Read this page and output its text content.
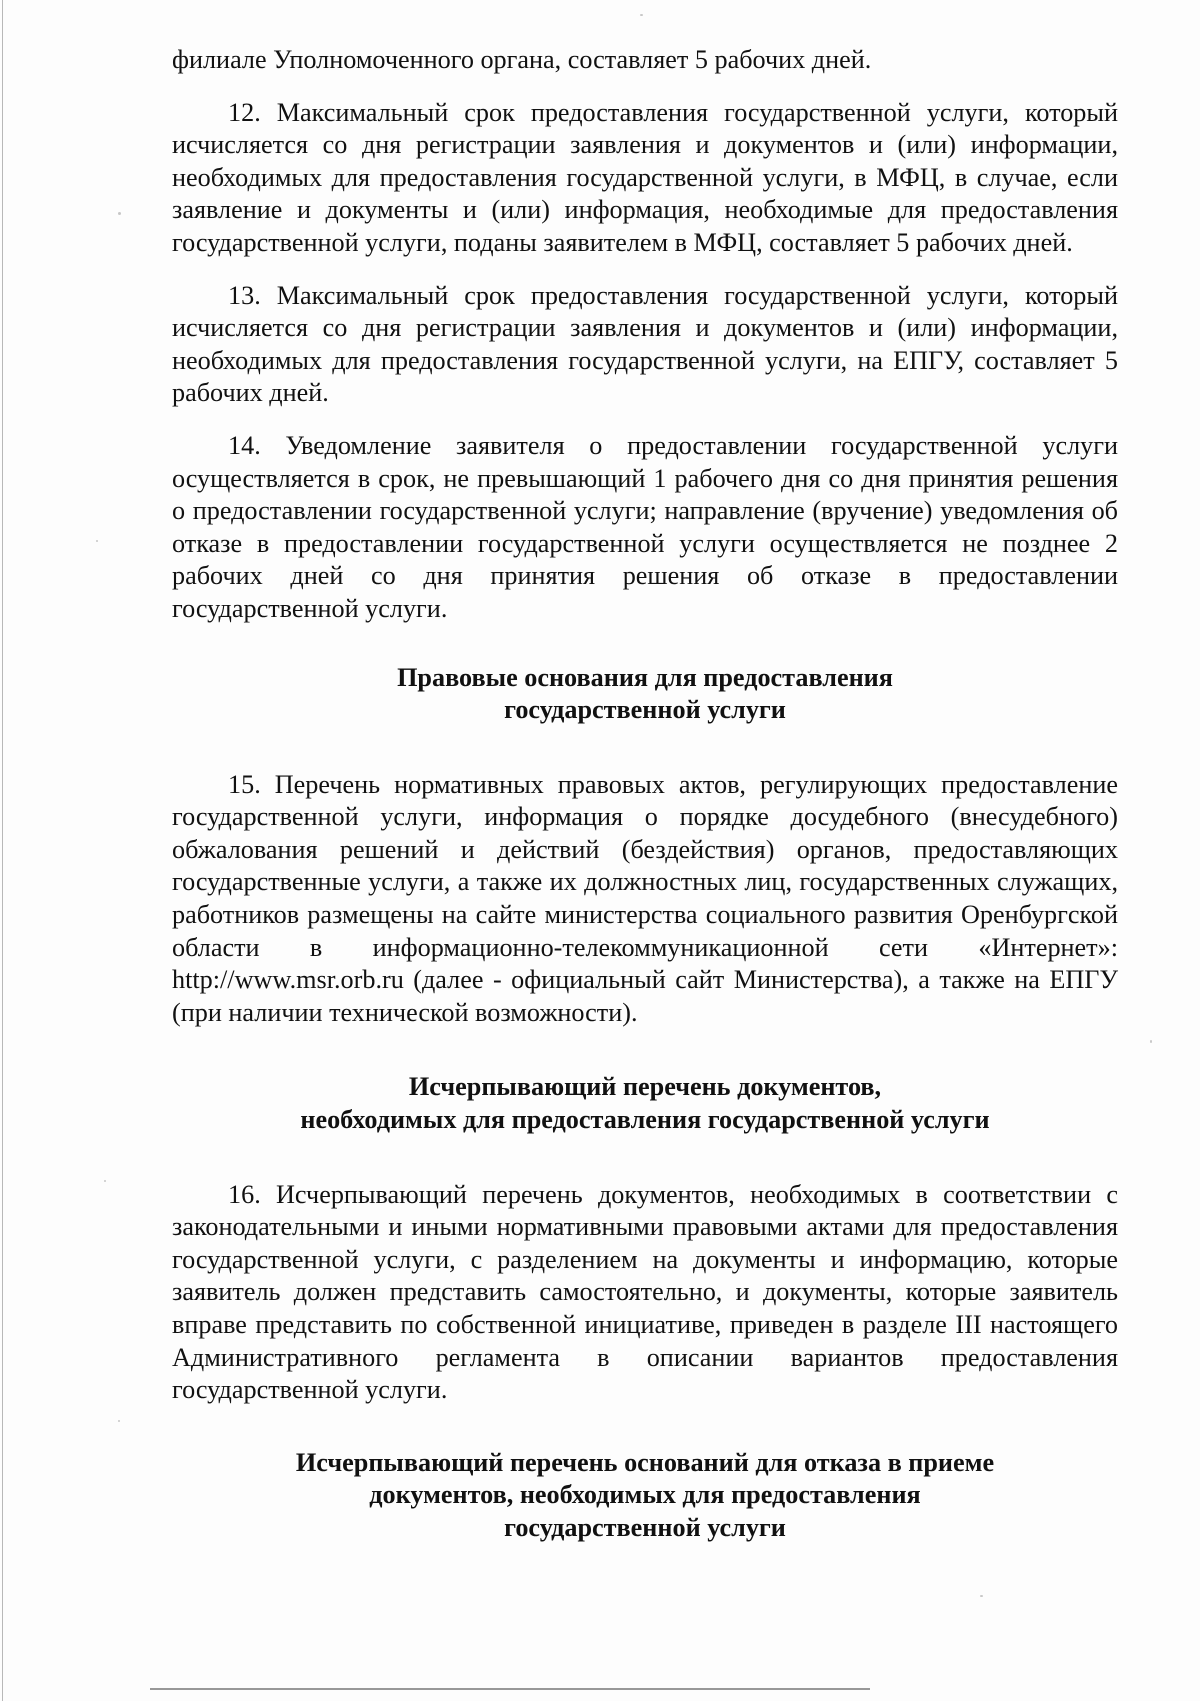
филиале Уполномоченного органа, составляет 5 рабочих дней.

12. Максимальный срок предоставления государственной услуги, который исчисляется со дня регистрации заявления и документов и (или) информации, необходимых для предоставления государственной услуги, в МФЦ, в случае, если заявление и документы и (или) информация, необходимые для предоставления государственной услуги, поданы заявителем в МФЦ, составляет 5 рабочих дней.

13. Максимальный срок предоставления государственной услуги, который исчисляется со дня регистрации заявления и документов и (или) информации, необходимых для предоставления государственной услуги, на ЕПГУ, составляет 5 рабочих дней.

14. Уведомление заявителя о предоставлении государственной услуги осуществляется в срок, не превышающий 1 рабочего дня со дня принятия решения о предоставлении государственной услуги; направление (вручение) уведомления об отказе в предоставлении государственной услуги осуществляется не позднее 2 рабочих дней со дня принятия решения об отказе в предоставлении государственной услуги.

Правовые основания для предоставления
государственной услуги

15. Перечень нормативных правовых актов, регулирующих предоставление государственной услуги, информация о порядке досудебного (внесудебного) обжалования решений и действий (бездействия) органов, предоставляющих государственные услуги, а также их должностных лиц, государственных служащих, работников размещены на сайте министерства социального развития Оренбургской области в информационно-телекоммуникационной сети «Интернет»: http://www.msr.orb.ru (далее - официальный сайт Министерства), а также на ЕПГУ (при наличии технической возможности).

Исчерпывающий перечень документов,
необходимых для предоставления государственной услуги

16. Исчерпывающий перечень документов, необходимых в соответствии с законодательными и иными нормативными правовыми актами для предоставления государственной услуги, с разделением на документы и информацию, которые заявитель должен представить самостоятельно, и документы, которые заявитель вправе представить по собственной инициативе, приведен в разделе III настоящего Административного регламента в описании вариантов предоставления государственной услуги.

Исчерпывающий перечень оснований для отказа в приеме
документов, необходимых для предоставления
государственной услуги
